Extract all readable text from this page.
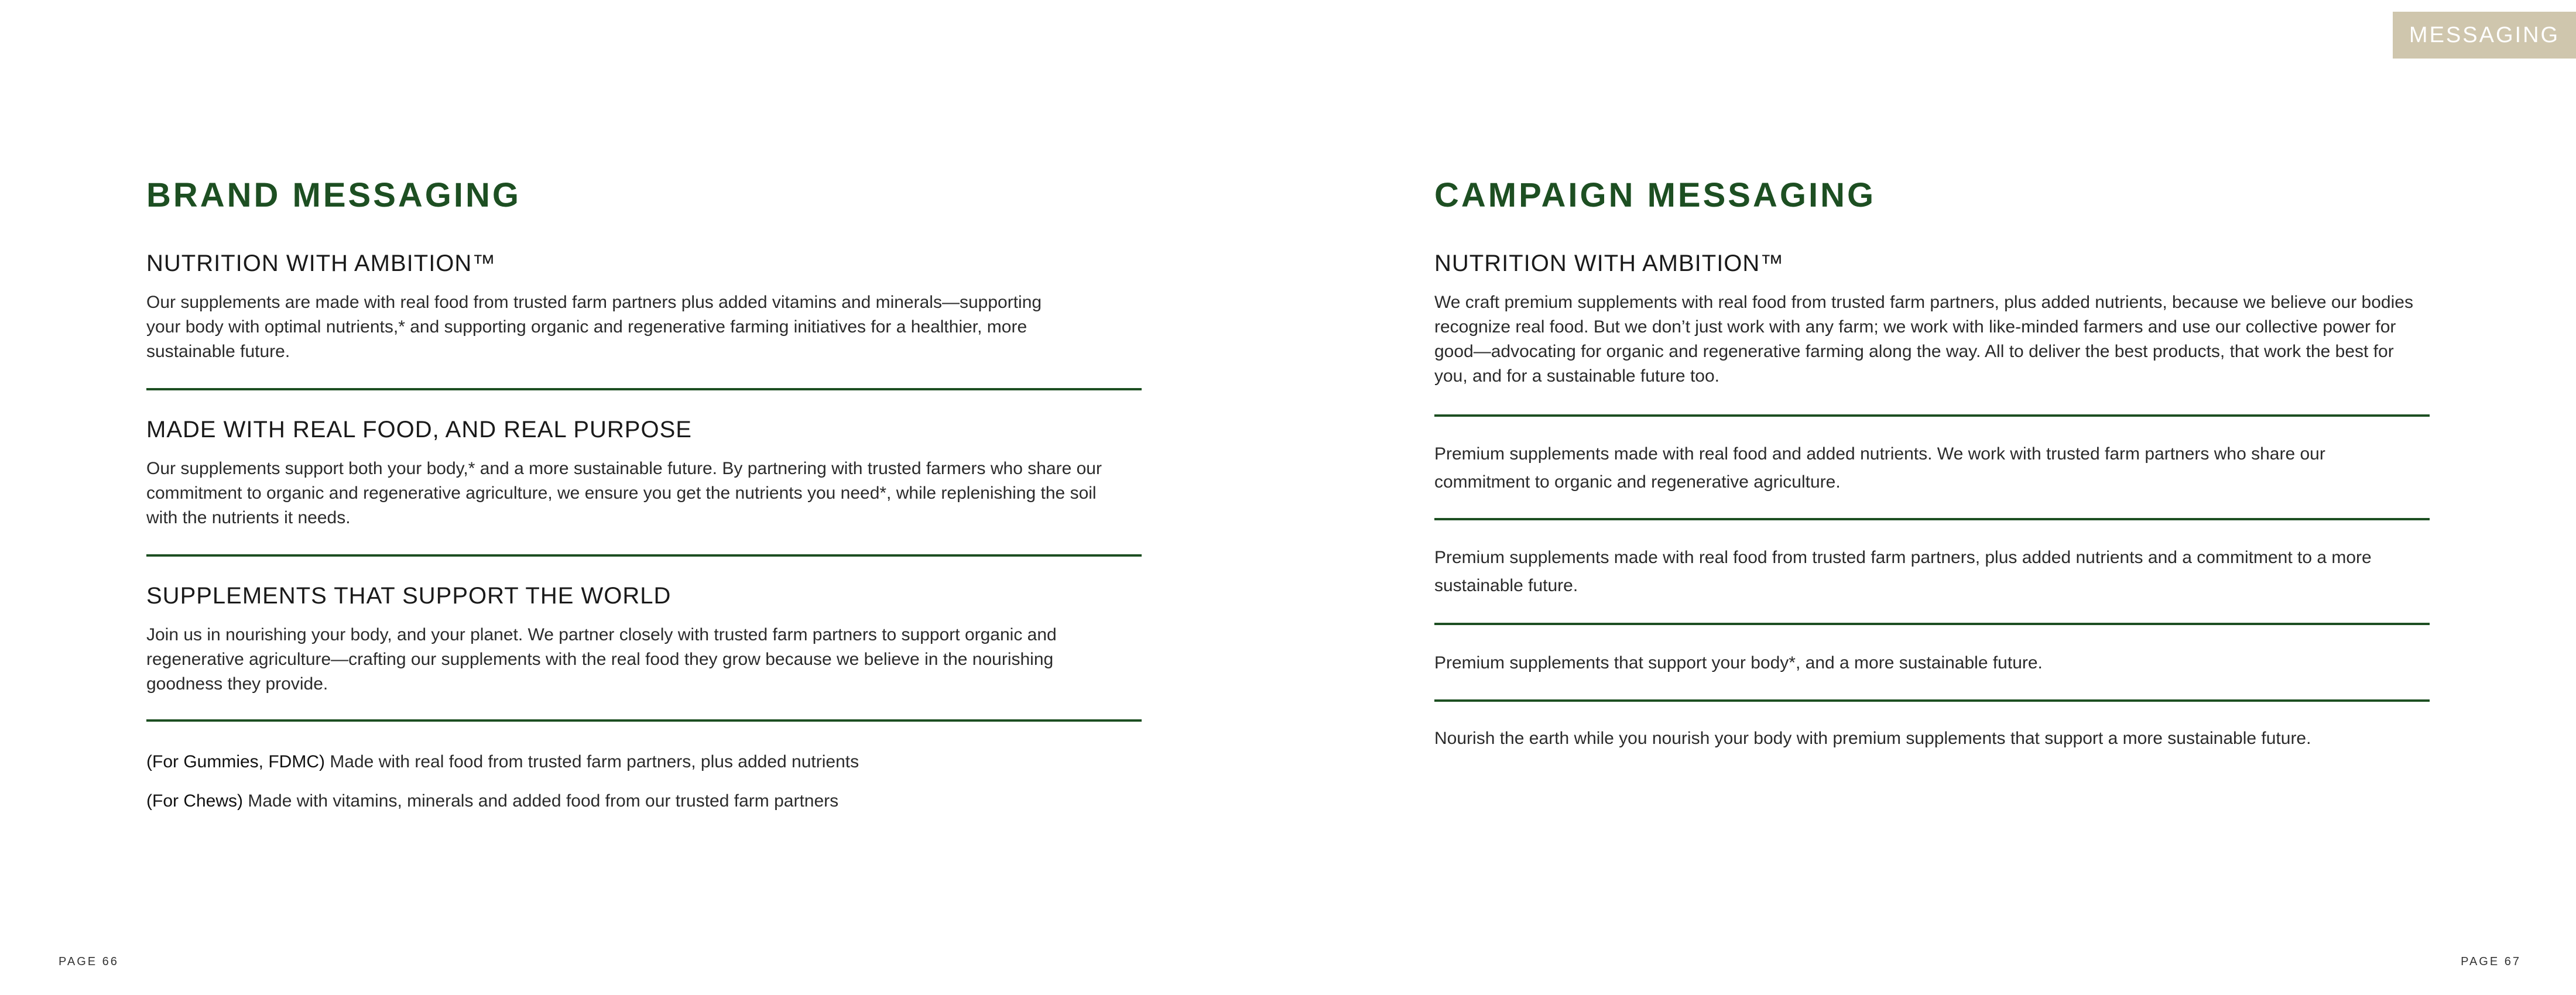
MESSAGING
BRAND MESSAGING
NUTRITION WITH AMBITION™

Our supplements are made with real food from trusted farm partners plus added vitamins and minerals—supporting your body with optimal nutrients,* and supporting organic and regenerative farming initiatives for a healthier, more sustainable future.

MADE WITH REAL FOOD, AND REAL PURPOSE

Our supplements support both your body,* and a more sustainable future. By partnering with trusted farmers who share our commitment to organic and regenerative agriculture, we ensure you get the nutrients you need*, while replenishing the soil with the nutrients it needs.

SUPPLEMENTS THAT SUPPORT THE WORLD

Join us in nourishing your body, and your planet. We partner closely with trusted farm partners to support organic and regenerative agriculture—crafting our supplements with the real food they grow because we believe in the nourishing goodness they provide.

(For Gummies, FDMC) Made with real food from trusted farm partners, plus added nutrients

(For Chews) Made with vitamins, minerals and added food from our trusted farm partners

CAMPAIGN MESSAGING
NUTRITION WITH AMBITION™

We craft premium supplements with real food from trusted farm partners, plus added nutrients, because we believe our bodies recognize real food. But we don’t just work with any farm; we work with like-minded farmers and use our collective power for good—advocating for organic and regenerative farming along the way. All to deliver the best products, that work the best for you, and for a sustainable future too.

Premium supplements made with real food and added nutrients. We work with trusted farm partners who share our commitment to organic and regenerative agriculture.

Premium supplements made with real food from trusted farm partners, plus added nutrients and a commitment to a more sustainable future.

Premium supplements that support your body*, and a more sustainable future.

Nourish the earth while you nourish your body with premium supplements that support a more sustainable future.

PAGE 66	PAGE 67
